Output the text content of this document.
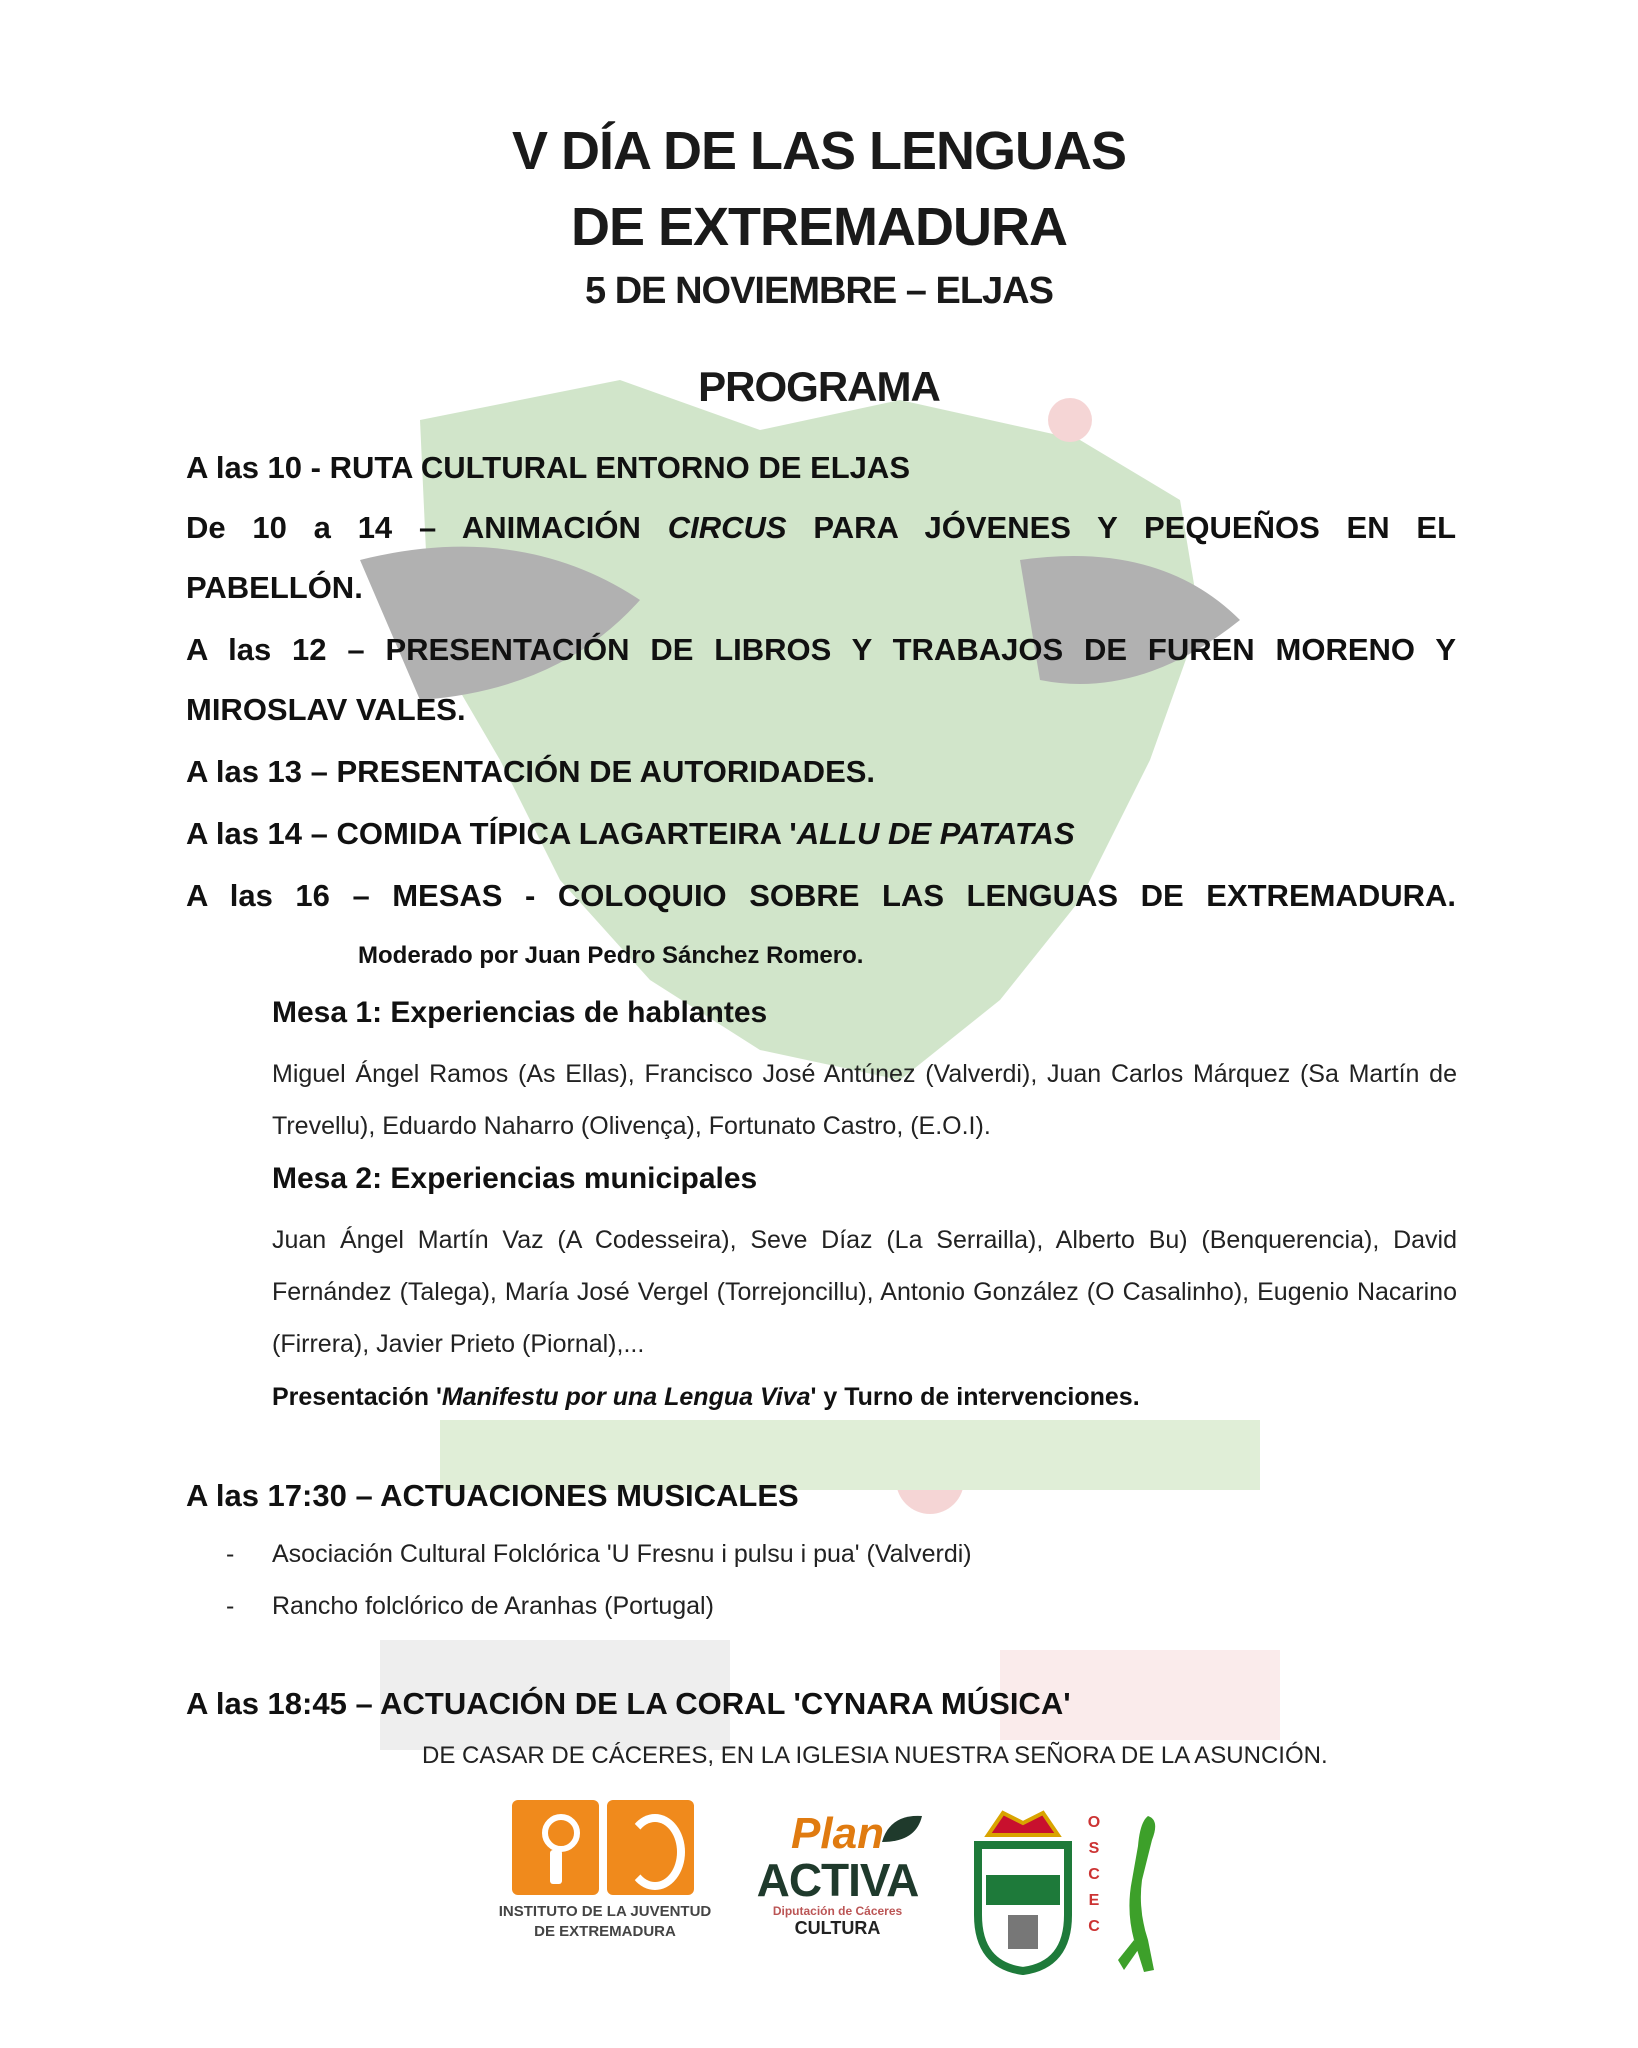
V DÍA DE LAS LENGUAS
DE EXTREMADURA
5 DE NOVIEMBRE – ELJAS
PROGRAMA
A las 10 - RUTA CULTURAL ENTORNO DE ELJAS
De 10 a 14 – ANIMACIÓN CIRCUS PARA JÓVENES Y PEQUEÑOS EN EL
PABELLÓN.
A las 12 – PRESENTACIÓN DE LIBROS Y TRABAJOS DE FUREN MORENO Y
MIROSLAV VALES.
A las 13 – PRESENTACIÓN DE AUTORIDADES.
A las 14 – COMIDA TÍPICA LAGARTEIRA 'ALLU DE PATATAS
A las 16 – MESAS - COLOQUIO SOBRE LAS LENGUAS DE EXTREMADURA.
Moderado por Juan Pedro Sánchez Romero.
Mesa 1: Experiencias de hablantes
Miguel Ángel Ramos (As Ellas), Francisco José Antúnez (Valverdi), Juan Carlos Márquez (Sa Martín de Trevellu), Eduardo Naharro (Olivença), Fortunato Castro, (E.O.I).
Mesa 2: Experiencias municipales
Juan Ángel Martín Vaz (A Codesseira), Seve Díaz (La Serrailla), Alberto Bu) (Benquerencia), David Fernández (Talega), María José Vergel (Torrejoncillu), Antonio González (O Casalinho), Eugenio Nacarino (Firrera), Javier Prieto (Piornal),...
Presentación 'Manifestu por una Lengua Viva' y Turno de intervenciones.
A las 17:30 – ACTUACIONES MUSICALES
- Asociación Cultural Folclórica 'U Fresnu i pulsu i pua' (Valverdi)
- Rancho folclórico de Aranhas (Portugal)
A las 18:45 – ACTUACIÓN DE LA CORAL 'CYNARA MÚSICA'
DE CASAR DE CÁCERES, EN LA IGLESIA NUESTRA SEÑORA DE LA ASUNCIÓN.
INSTITUTO DE LA JUVENTUD
DE EXTREMADURA
Plan
ACTIVA
Diputación de Cáceres
CULTURA
O
S
C
E
C
